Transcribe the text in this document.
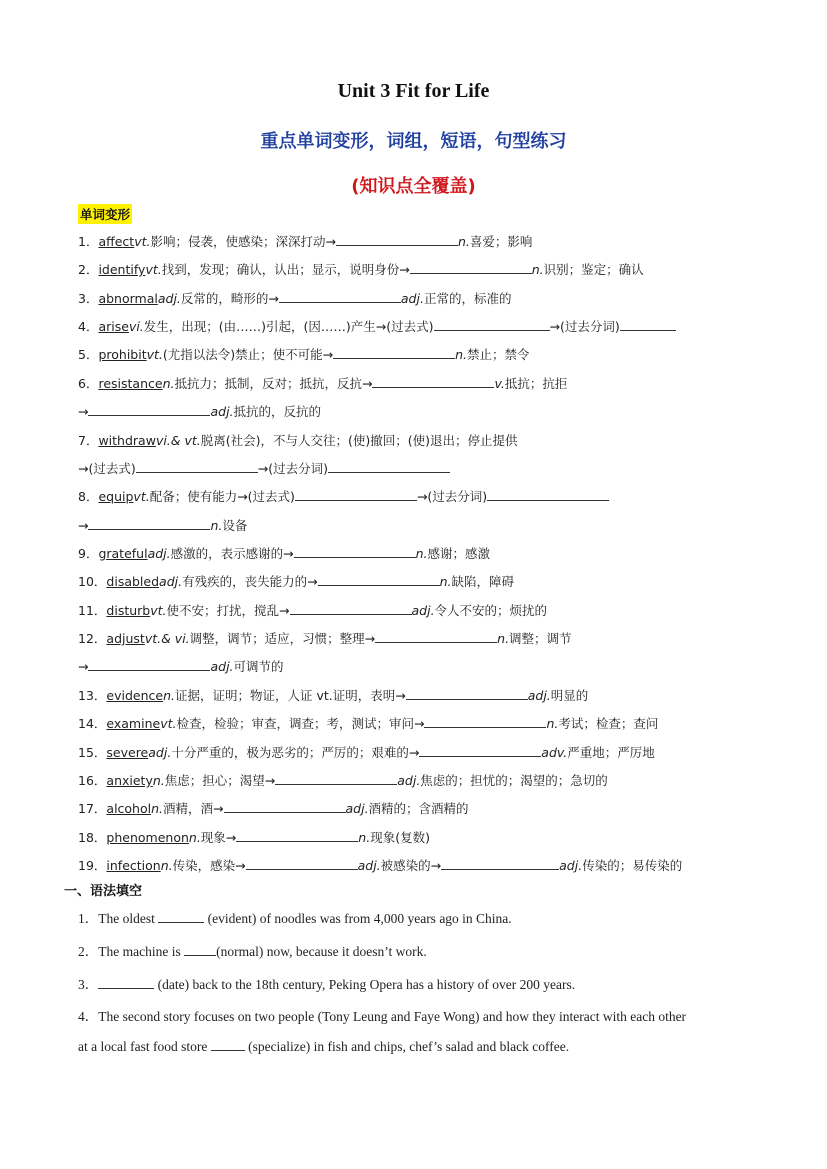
Unit 3 Fit for Life
重点单词变形，词组，短语，句型练习
(知识点全覆盖)
单词变形
1．affectvt.影响；侵袭，使感染；深深打动→	n.喜爱；影响
2．identifyvt.找到，发现；确认，认出；显示，说明身份→	n.识别；鉴定；确认
3．abnormaladj.反常的，畸形的→	adj.正常的，标准的
4．arisevi.发生，出现；(由……)引起，(因……)产生→(过去式)	→(过去分词)
5．prohibitvt.(尤指以法令)禁止；使不可能→	n.禁止；禁令
6．resistancen.抵抗力；抵制，反对；抵抗，反抗→	v.抵抗；抗拒
→	adj.抵抗的，反抗的
7．withdrawvi.& vt.脱离(社会)，不与人交往；(使)撤回；(使)退出；停止提供
→(过去式)	→(过去分词)
8．equipvt.配备；使有能力→(过去式)	→(过去分词)
→	n.设备
9．gratefuladj.感激的，表示感谢的→	n.感谢；感激
10．disabledadj.有残疾的，丧失能力的→	n.缺陷，障碍
11．disturbvt.使不安；打扰，搅乱→	adj.令人不安的；烦扰的
12．adjustvt.& vi.调整，调节；适应，习惯；整理→	n.调整；调节
→	adj.可调节的
13．evidencen.证据，证明；物证，人证 vt.证明，表明→	adj.明显的
14．examinevt.检查，检验；审查，调查；考，测试；审问→	n.考试；检查；查问
15．severeadj.十分严重的，极为恶劣的；严厉的；艰难的→	adv.严重地；严厉地
16．anxietyn.焦虑；担心；渴望→	adj.焦虑的；担忧的；渴望的；急切的
17．alcoholn.酒精，酒→	adj.酒精的；含酒精的
18．phenomenonn.现象→	n.现象(复数)
19．infectionn.传染，感染→	adj.被感染的→	adj.传染的；易传染的
一、语法填空
1．The oldest	(evident) of noodles was from 4,000 years ago in China.
2．The machine is	(normal) now, because it doesn’t work.
3．	(date) back to the 18th century, Peking Opera has a history of over 200 years.
4．The second story focuses on two people (Tony Leung and Faye Wong) and how they interact with each other
at a local fast food store	(specialize) in fish and chips, chef’s salad and black coffee.
